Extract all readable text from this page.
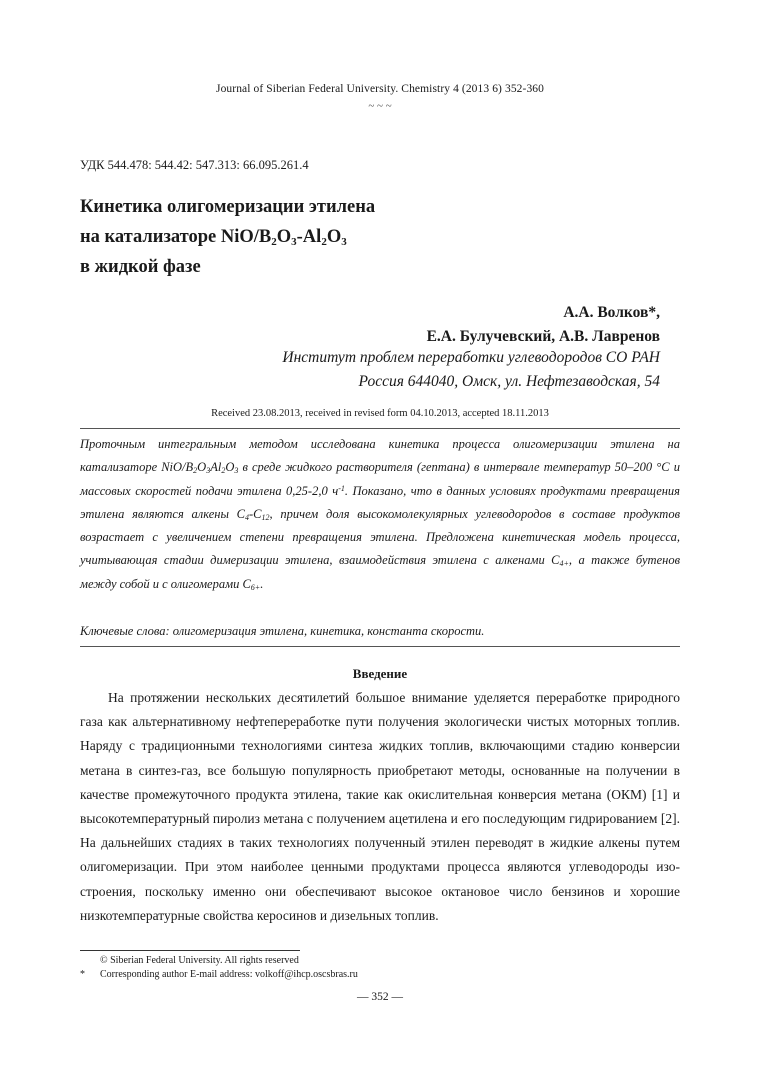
Journal of Siberian Federal University. Chemistry 4 (2013 6) 352-360
~ ~ ~
УДК 544.478: 544.42: 547.313: 66.095.261.4
Кинетика олигомеризации этилена
на катализаторе NiO/$B_2O_3-Al_2O_3$
в жидкой фазе
А.А. Волков*,
Е.А. Булучевский, А.В. Лавренов
Институт проблем переработки углеводородов СО РАН
Россия 644040, Омск, ул. Нефтезаводская, 54
Received 23.08.2013, received in revised form 04.10.2013, accepted 18.11.2013
Проточным интегральным методом исследована кинетика процесса олигомеризации этилена на катализаторе NiO/$B_2O_3Al_2O_3$ в среде жидкого растворителя (гептана) в интервале температур 50–200 °С и массовых скоростей подачи этилена 0,25-2,0 $ч^{-1}$. Показано, что в данных условиях продуктами превращения этилена являются алкены $С_4-С_{12}$, причем доля высокомолекулярных углеводородов в составе продуктов возрастает с увеличением степени превращения этилена. Предложена кинетическая модель процесса, учитывающая стадии димеризации этилена, взаимодействия этилена с алкенами $С_{4+}$, а также бутенов между собой и с олигомерами $С_{6+}$.
Ключевые слова: олигомеризация этилена, кинетика, константа скорости.
Введение
На протяжении нескольких десятилетий большое внимание уделяется переработке природного газа как альтернативному нефтепереработке пути получения экологически чистых моторных топлив. Наряду с традиционными технологиями синтеза жидких топлив, включающими стадию конверсии метана в синтез-газ, все большую популярность приобретают методы, основанные на получении в качестве промежуточного продукта этилена, такие как окислительная конверсия метана (ОКМ) [1] и высокотемпературный пиролиз метана с получением ацетилена и его последующим гидрированием [2]. На дальнейших стадиях в таких технологиях полученный этилен переводят в жидкие алкены путем олигомеризации. При этом наиболее ценными продуктами процесса являются углеводороды изо-строения, поскольку именно они обеспечивают высокое октановое число бензинов и хорошие низкотемпературные свойства керосинов и дизельных топлив.
© Siberian Federal University. All rights reserved
*	Corresponding author E-mail address: volkoff@ihcp.oscsbras.ru
— 352 —
